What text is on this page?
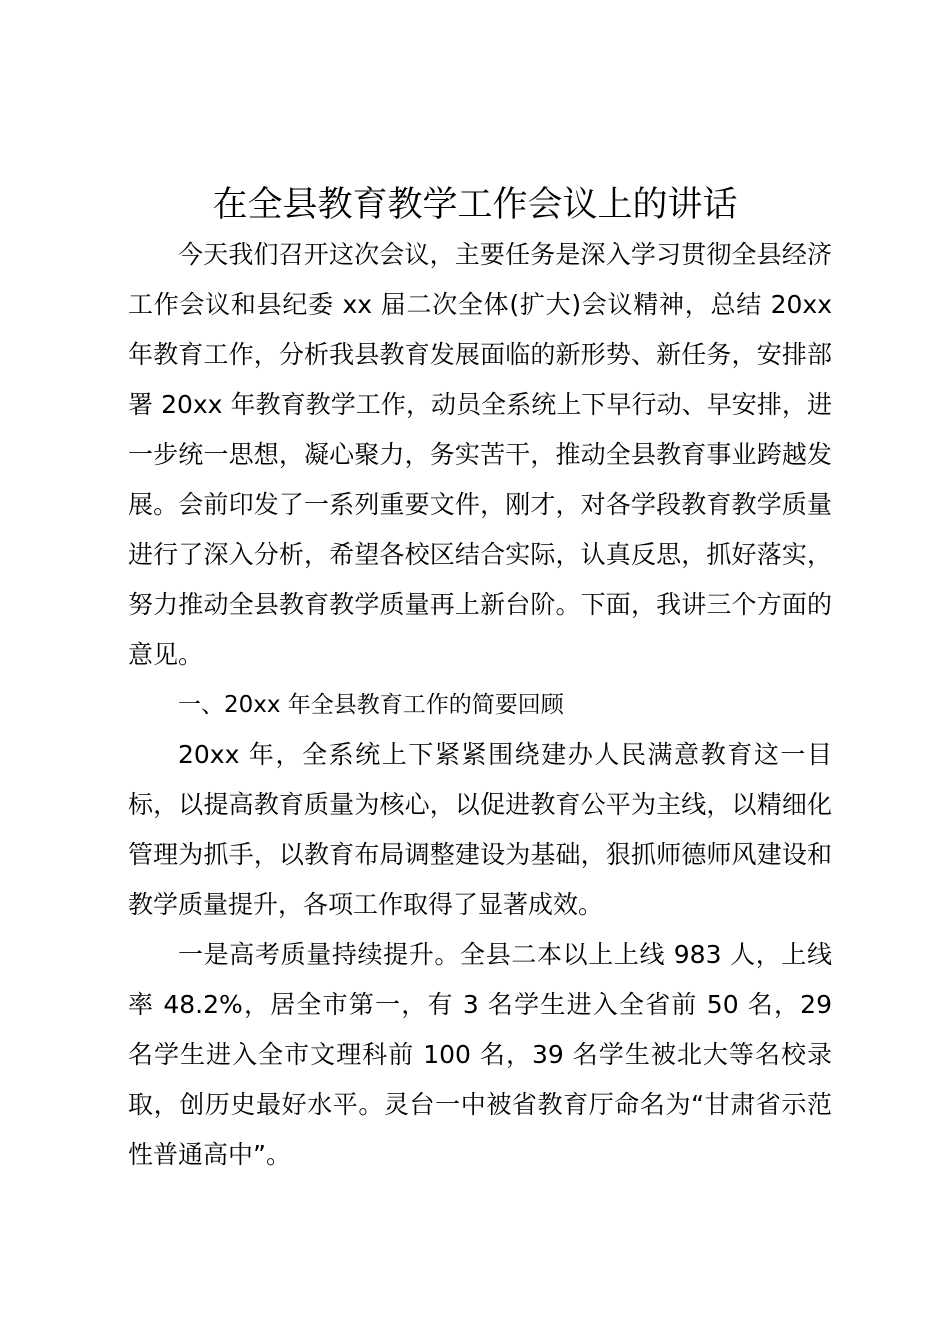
在全县教育教学工作会议上的讲话

今天我们召开这次会议，主要任务是深入学习贯彻全县经济工作会议和县纪委 xx 届二次全体(扩大)会议精神，总结 20xx 年教育工作，分析我县教育发展面临的新形势、新任务，安排部署 20xx 年教育教学工作，动员全系统上下早行动、早安排，进一步统一思想，凝心聚力，务实苦干，推动全县教育事业跨越发展。会前印发了一系列重要文件，刚才，对各学段教育教学质量进行了深入分析，希望各校区结合实际，认真反思，抓好落实，努力推动全县教育教学质量再上新台阶。下面，我讲三个方面的意见。

一、20xx 年全县教育工作的简要回顾

20xx 年，全系统上下紧紧围绕建办人民满意教育这一目标，以提高教育质量为核心，以促进教育公平为主线，以精细化管理为抓手，以教育布局调整建设为基础，狠抓师德师风建设和教学质量提升，各项工作取得了显著成效。

一是高考质量持续提升。全县二本以上上线 983 人，上线率 48.2%，居全市第一，有 3 名学生进入全省前 50 名，29 名学生进入全市文理科前 100 名，39 名学生被北大等名校录取，创历史最好水平。灵台一中被省教育厅命名为“甘肃省示范性普通高中”。
